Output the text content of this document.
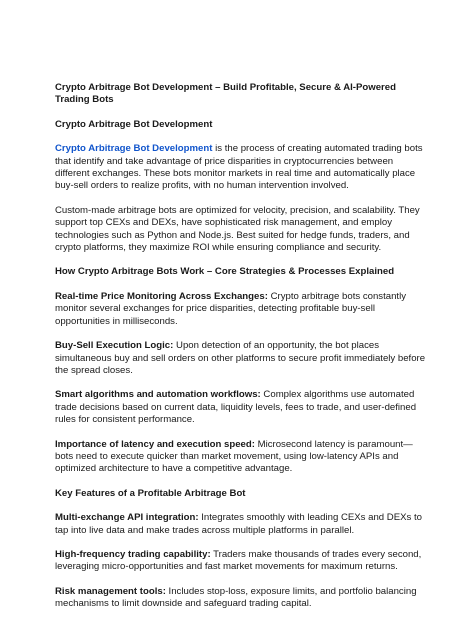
Crypto Arbitrage Bot Development – Build Profitable, Secure & AI-Powered Trading Bots
Crypto Arbitrage Bot Development
Crypto Arbitrage Bot Development is the process of creating automated trading bots that identify and take advantage of price disparities in cryptocurrencies between different exchanges. These bots monitor markets in real time and automatically place buy-sell orders to realize profits, with no human intervention involved.
Custom-made arbitrage bots are optimized for velocity, precision, and scalability. They support top CEXs and DEXs, have sophisticated risk management, and employ technologies such as Python and Node.js. Best suited for hedge funds, traders, and crypto platforms, they maximize ROI while ensuring compliance and security.
How Crypto Arbitrage Bots Work – Core Strategies & Processes Explained
Real-time Price Monitoring Across Exchanges: Crypto arbitrage bots constantly monitor several exchanges for price disparities, detecting profitable buy-sell opportunities in milliseconds.
Buy-Sell Execution Logic: Upon detection of an opportunity, the bot places simultaneous buy and sell orders on other platforms to secure profit immediately before the spread closes.
Smart algorithms and automation workflows: Complex algorithms use automated trade decisions based on current data, liquidity levels, fees to trade, and user-defined rules for consistent performance.
Importance of latency and execution speed: Microsecond latency is paramount—bots need to execute quicker than market movement, using low-latency APIs and optimized architecture to have a competitive advantage.
Key Features of a Profitable Arbitrage Bot
Multi-exchange API integration: Integrates smoothly with leading CEXs and DEXs to tap into live data and make trades across multiple platforms in parallel.
High-frequency trading capability: Traders make thousands of trades every second, leveraging micro-opportunities and fast market movements for maximum returns.
Risk management tools: Includes stop-loss, exposure limits, and portfolio balancing mechanisms to limit downside and safeguard trading capital.
